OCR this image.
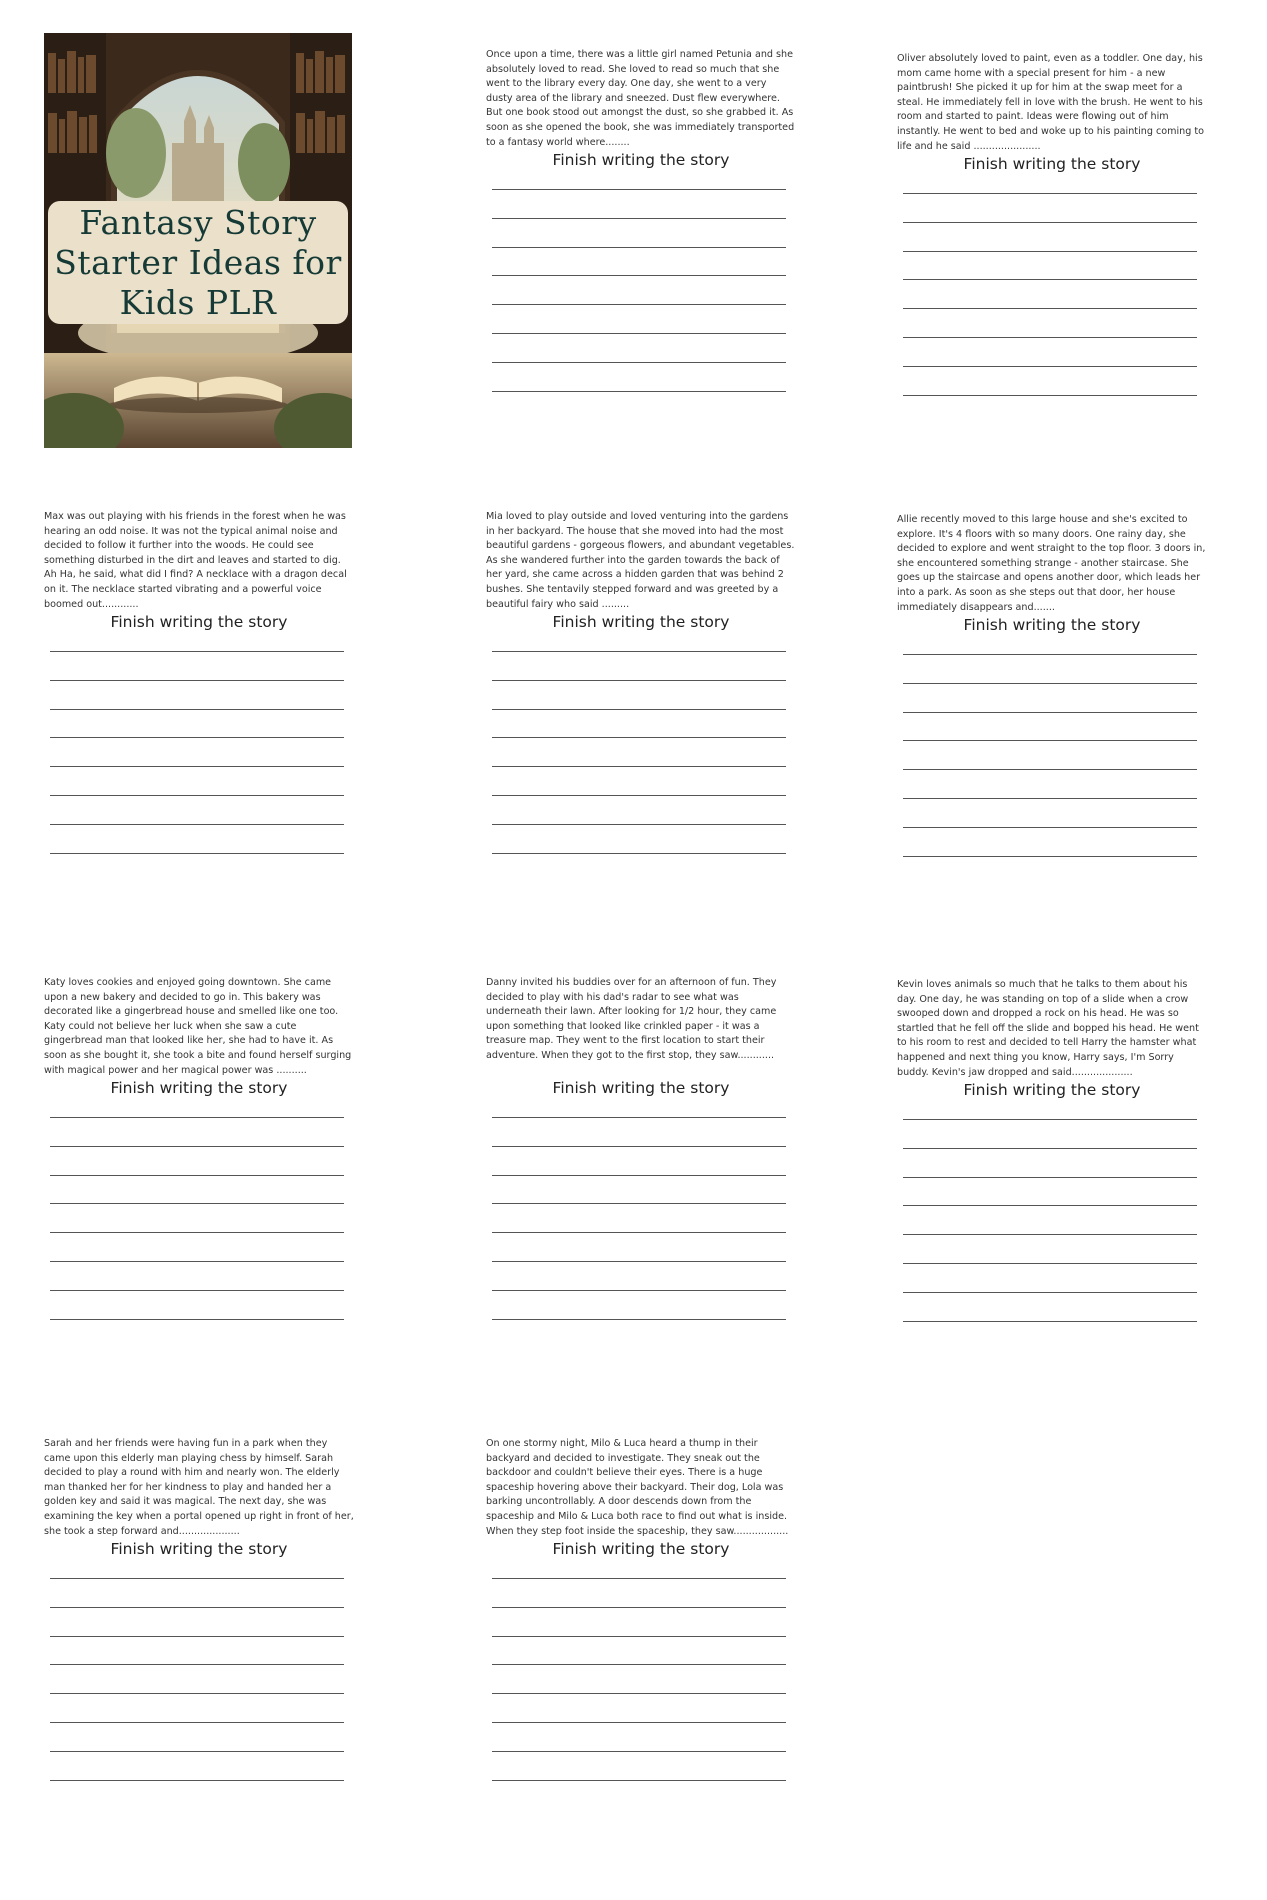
Fantasy Story Starter Ideas for Kids PLR

Once upon a time, there was a little girl named Petunia and she absolutely loved to read. She loved to read so much that she went to the library every day. One day, she went to a very dusty area of the library and sneezed. Dust flew everywhere. But one book stood out amongst the dust, so she grabbed it. As soon as she opened the book, she was immediately transported to a fantasy world where........

Finish writing the story

Oliver absolutely loved to paint, even as a toddler. One day, his mom came home with a special present for him - a new paintbrush! She picked it up for him at the swap meet for a steal. He immediately fell in love with the brush. He went to his room and started to paint. Ideas were flowing out of him instantly. He went to bed and woke up to his painting coming to life and he said ......................

Finish writing the story

Max was out playing with his friends in the forest when he was hearing an odd noise. It was not the typical animal noise and decided to follow it further into the woods. He could see something disturbed in the dirt and leaves and started to dig. Ah Ha, he said, what did I find? A necklace with a dragon decal on it. The necklace started vibrating and a powerful voice boomed out............

Finish writing the story

Mia loved to play outside and loved venturing into the gardens in her backyard. The house that she moved into had the most beautiful gardens - gorgeous flowers, and abundant vegetables. As she wandered further into the garden towards the back of her yard, she came across a hidden garden that was behind 2 bushes. She tentavily stepped forward and was greeted by a beautiful fairy who said .........

Finish writing the story

Allie recently moved to this large house and she's excited to explore. It's 4 floors with so many doors. One rainy day, she decided to explore and went straight to the top floor. 3 doors in, she encountered something strange - another staircase. She goes up the staircase and opens another door, which leads her into a park. As soon as she steps out that door, her house immediately disappears and.......

Finish writing the story

Katy loves cookies and enjoyed going downtown. She came upon a new bakery and decided to go in. This bakery was decorated like a gingerbread house and smelled like one too. Katy could not believe her luck when she saw a cute gingerbread man that looked like her, she had to have it. As soon as she bought it, she took a bite and found herself surging with magical power and her magical power was ..........

Finish writing the story

Danny invited his buddies over for an afternoon of fun. They decided to play with his dad's radar to see what was underneath their lawn. After looking for 1/2 hour, they came upon something that looked like crinkled paper - it was a treasure map. They went to the first location to start their adventure. When they got to the first stop, they saw............

Finish writing the story

Kevin loves animals so much that he talks to them about his day. One day, he was standing on top of a slide when a crow swooped down and dropped a rock on his head. He was so startled that he fell off the slide and bopped his head. He went to his room to rest and decided to tell Harry the hamster what happened and next thing you know, Harry says, I'm Sorry buddy. Kevin's jaw dropped and said....................

Finish writing the story

Sarah and her friends were having fun in a park when they came upon this elderly man playing chess by himself. Sarah decided to play a round with him and nearly won. The elderly man thanked her for her kindness to play and handed her a golden key and said it was magical. The next day, she was examining the key when a portal opened up right in front of her, she took a step forward and....................

Finish writing the story

On one stormy night, Milo & Luca heard a thump in their backyard and decided to investigate. They sneak out the backdoor and couldn't believe their eyes. There is a huge spaceship hovering above their backyard. Their dog, Lola was barking uncontrollably. A door descends down from the spaceship and Milo & Luca both race to find out what is inside. When they step foot inside the spaceship, they saw..................

Finish writing the story
